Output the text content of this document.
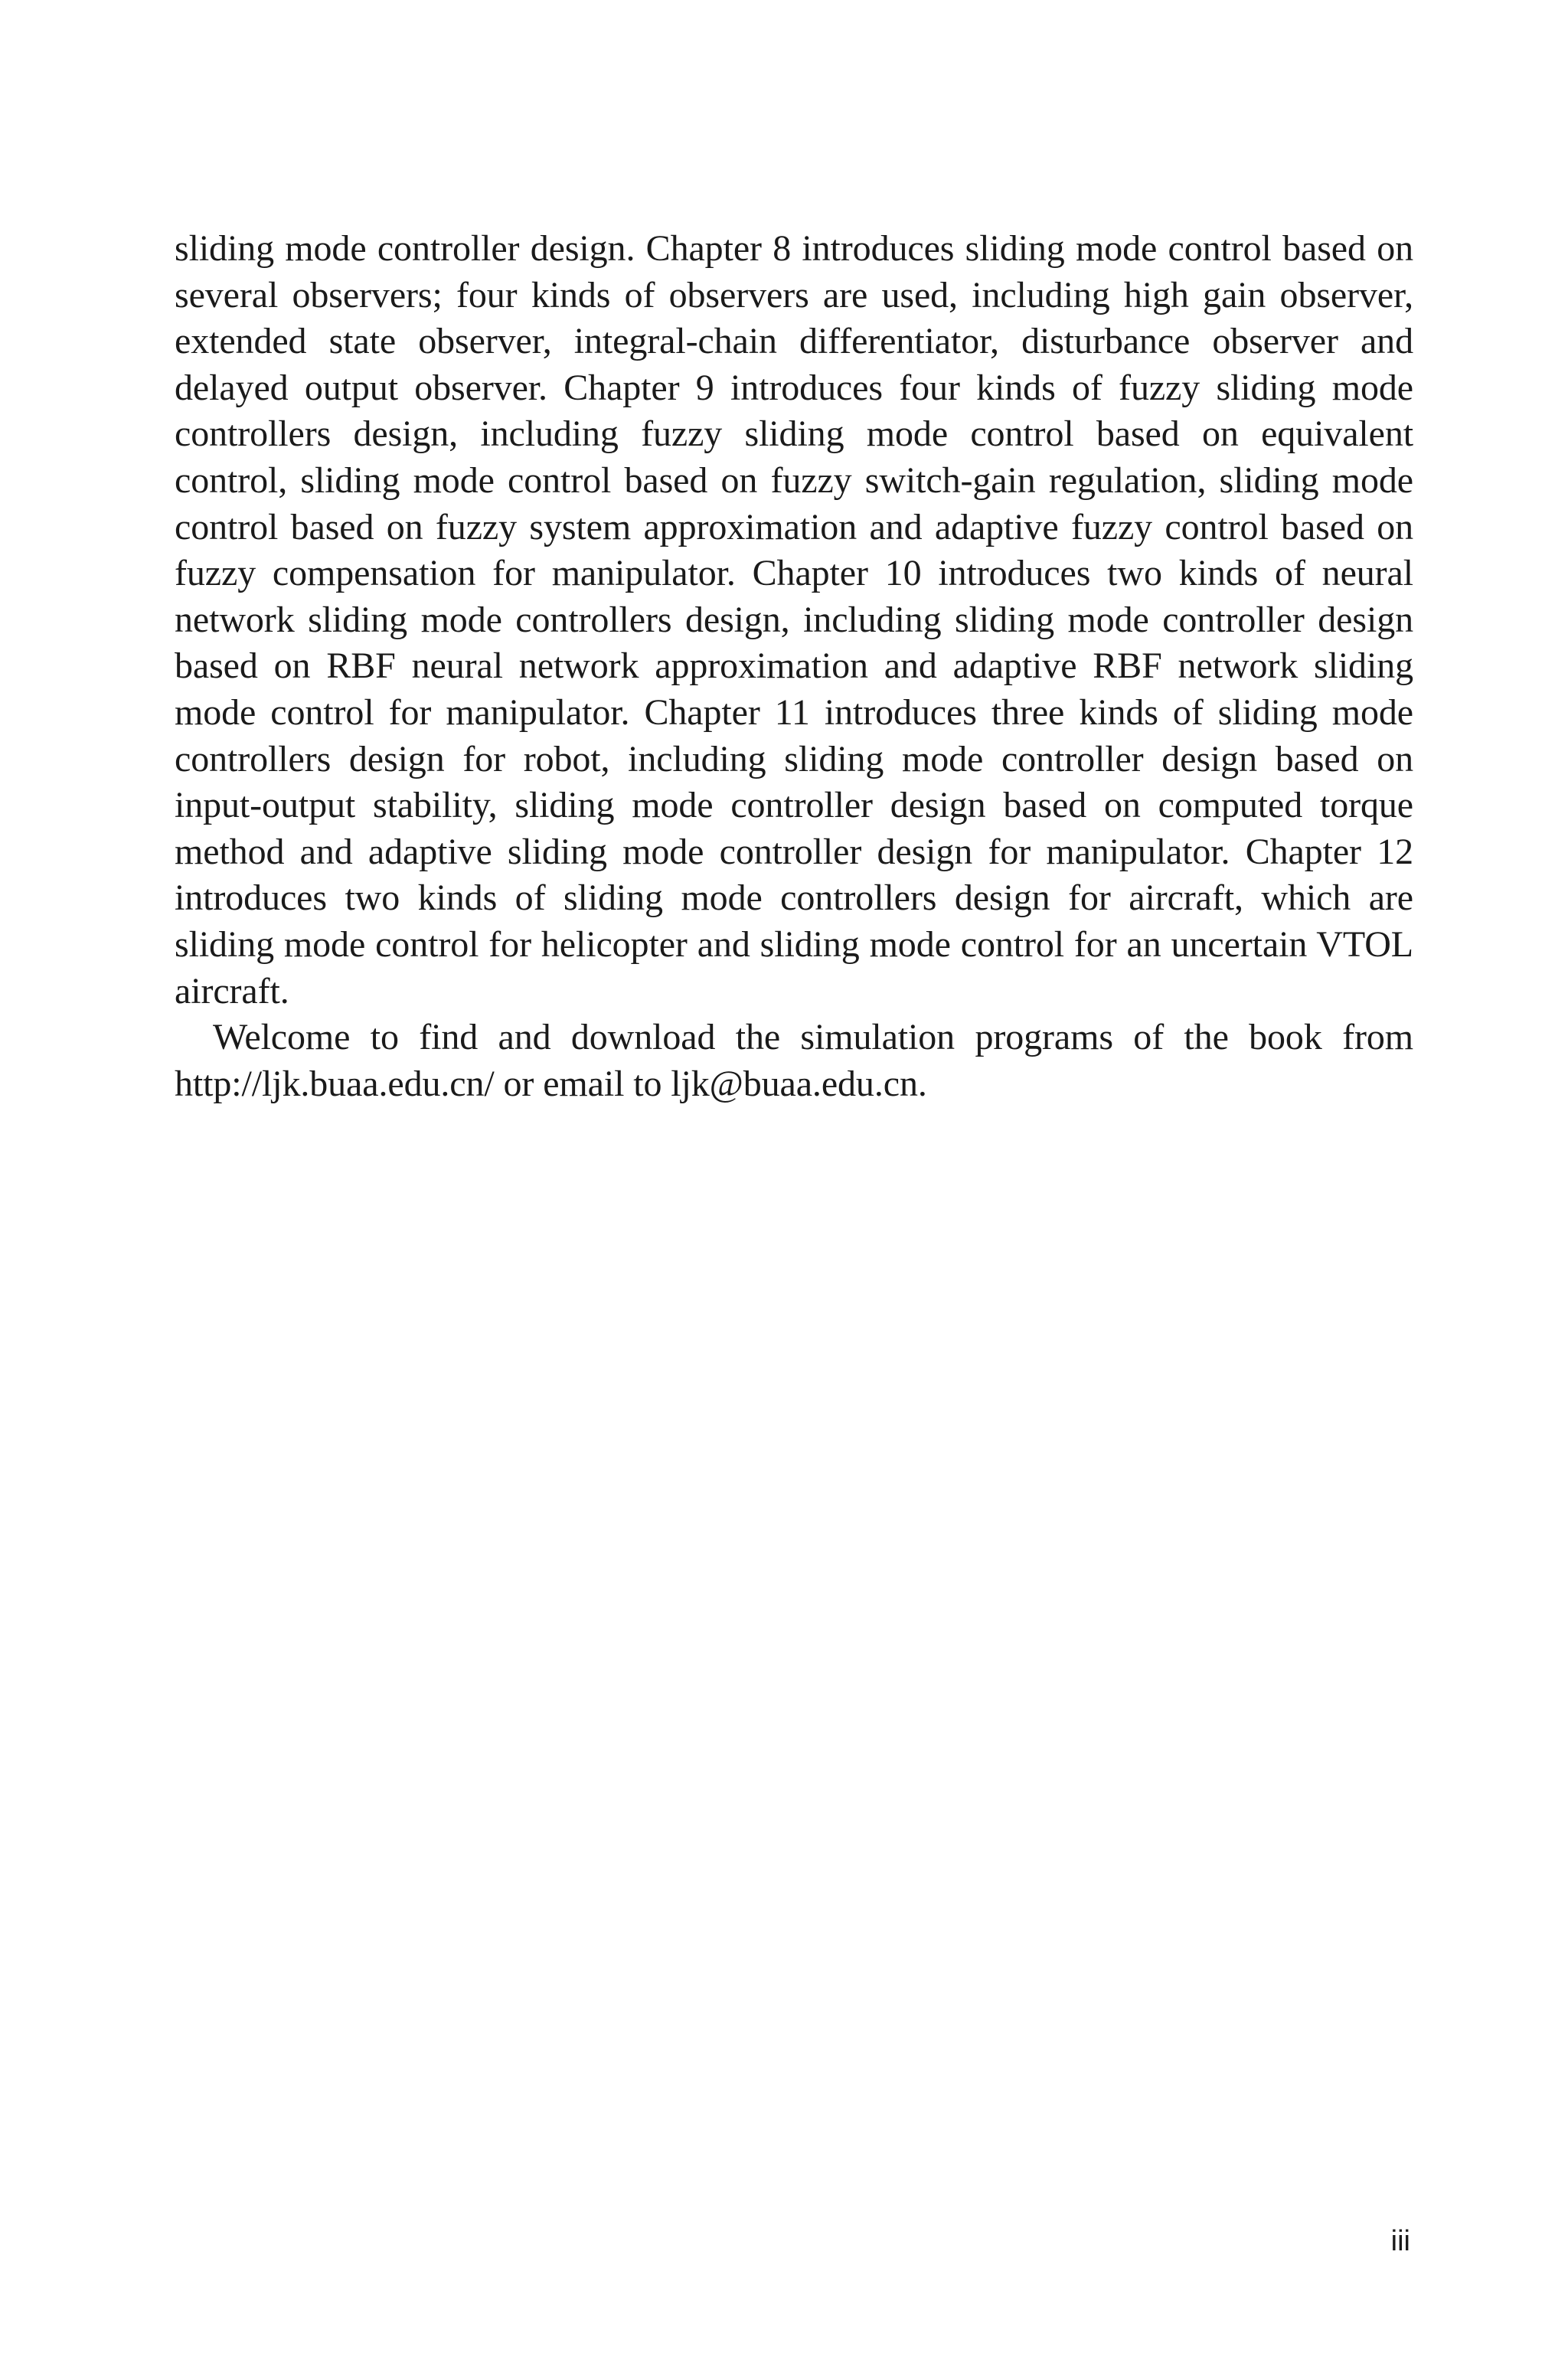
sliding mode controller design. Chapter 8 introduces sliding mode control based on several observers; four kinds of observers are used, including high gain observer, extended state observer, integral-chain differentiator, disturbance observer and delayed output observer. Chapter 9 introduces four kinds of fuzzy sliding mode controllers design, including fuzzy sliding mode control based on equivalent control, sliding mode control based on fuzzy switch-gain regulation, sliding mode control based on fuzzy system approximation and adaptive fuzzy control based on fuzzy compensation for manipulator. Chapter 10 introduces two kinds of neural network sliding mode controllers design, including sliding mode controller design based on RBF neural network approximation and adaptive RBF network sliding mode control for manipulator. Chapter 11 introduces three kinds of sliding mode controllers design for robot, including sliding mode controller design based on input-output stability, sliding mode controller design based on computed torque method and adaptive sliding mode controller design for manipulator. Chapter 12 introduces two kinds of sliding mode controllers design for aircraft, which are sliding mode control for helicopter and sliding mode control for an uncertain VTOL aircraft.

Welcome to find and download the simulation programs of the book from http://ljk.buaa.edu.cn/ or email to ljk@buaa.edu.cn.

iii
